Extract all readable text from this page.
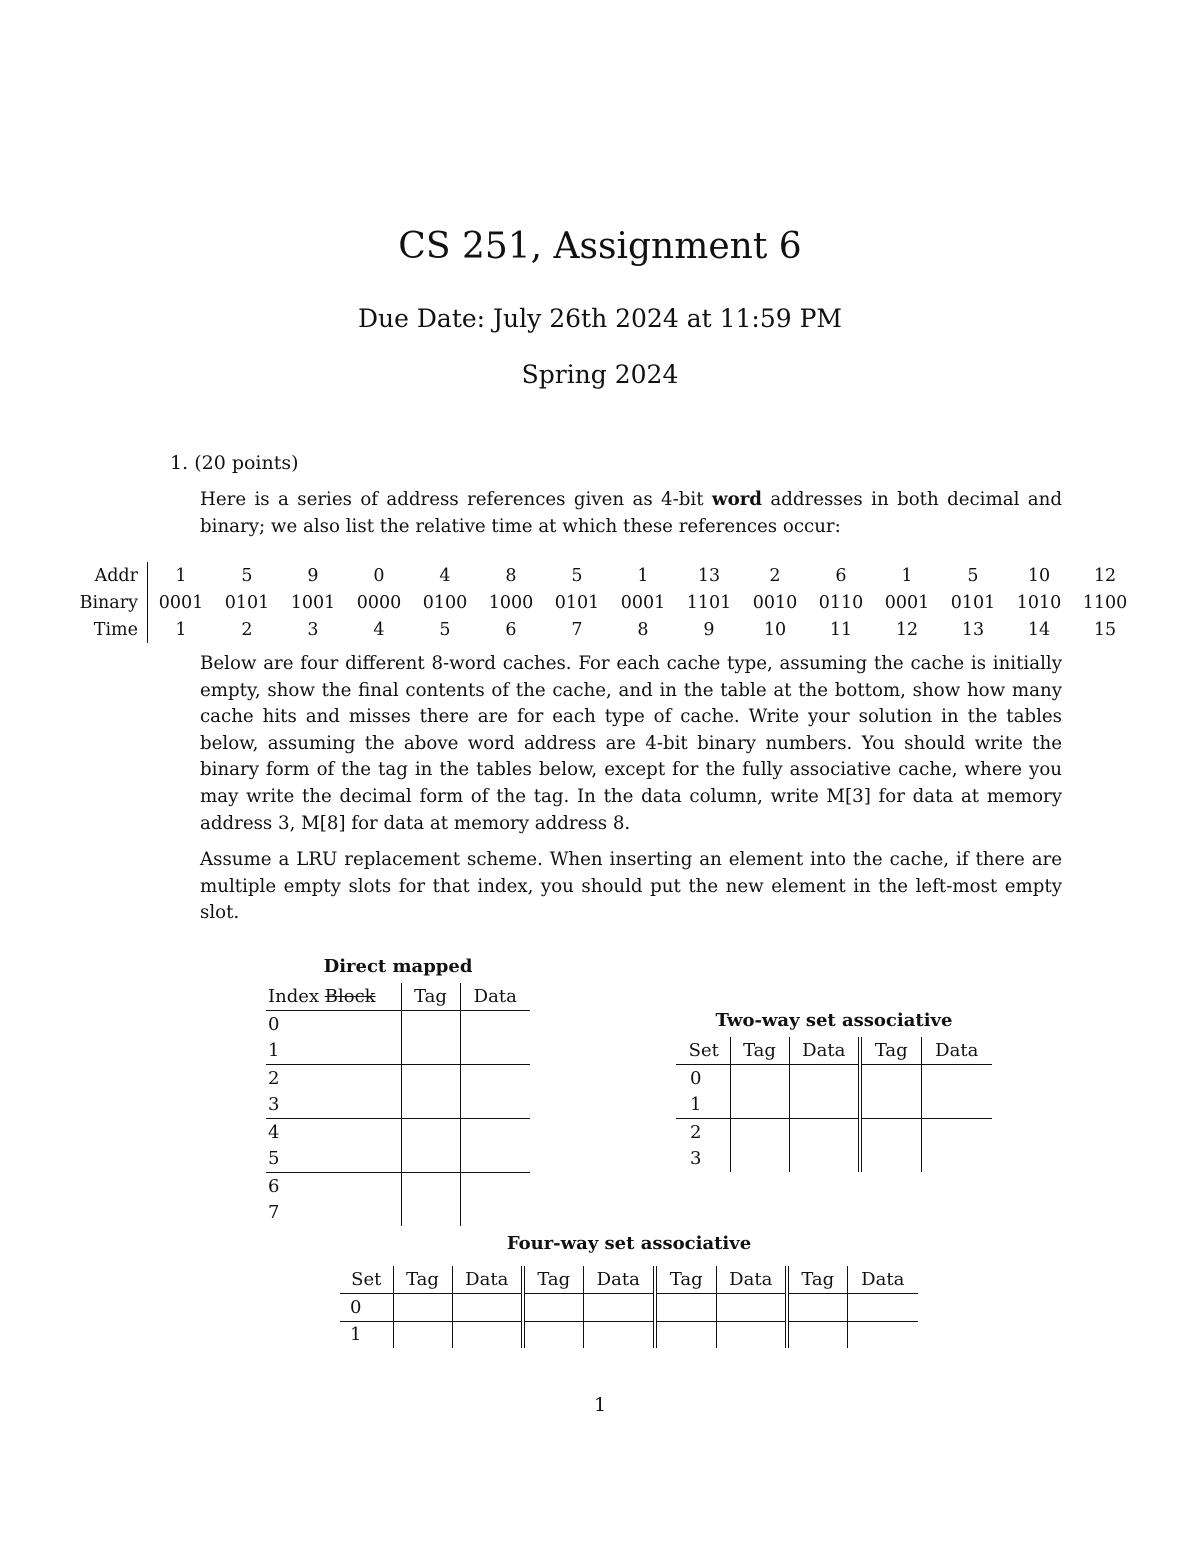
CS 251, Assignment 6
Due Date: July 26th 2024 at 11:59 PM
Spring 2024
1. (20 points)
Here is a series of address references given as 4-bit word addresses in both decimal and binary; we also list the relative time at which these references occur:
Addr	1	5	9	0	4	8	5	1	13	2	6	1	5	10	12
Binary	0001	0101	1001	0000	0100	1000	0101	0001	1101	0010	0110	0001	0101	1010	1100
Time	1	2	3	4	5	6	7	8	9	10	11	12	13	14	15
Below are four different 8-word caches. For each cache type, assuming the cache is initially empty, show the final contents of the cache, and in the table at the bottom, show how many cache hits and misses there are for each type of cache. Write your solution in the tables below, assuming the above word address are 4-bit binary numbers. You should write the binary form of the tag in the tables below, except for the fully associative cache, where you may write the decimal form of the tag. In the data column, write M[3] for data at memory address 3, M[8] for data at memory address 8.
Assume a LRU replacement scheme. When inserting an element into the cache, if there are multiple empty slots for that index, you should put the new element in the left-most empty slot.
Direct mapped
Index Block	Tag	Data
0		
1		
2		
3		
4		
5		
6		
7		
Two-way set associative
Set	Tag	Data	Tag	Data
0				
1				
2				
3				
Four-way set associative
Set	Tag	Data	Tag	Data	Tag	Data	Tag	Data
0								
1								
1
